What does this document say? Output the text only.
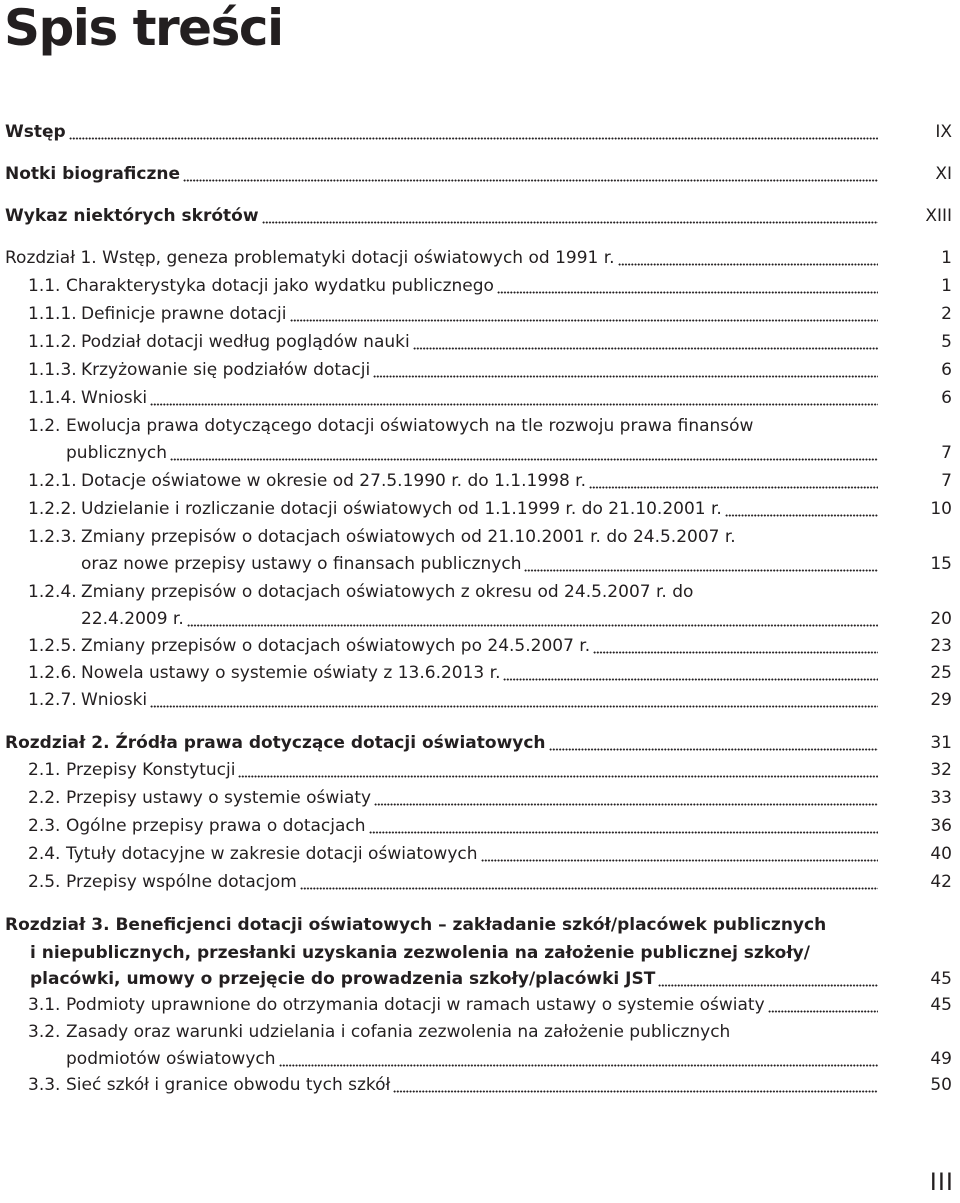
Spis treści
IX
Wstęp
XI
Notki biograficzne
XIII
Wykaz niektórych skrótów
1
Rozdział 1. Wstęp, geneza problematyki dotacji oświatowych od 1991 r.
1
1.1. Charakterystyka dotacji jako wydatku publicznego
2
1.1.1. Definicje prawne dotacji
5
1.1.2. Podział dotacji według poglądów nauki
6
1.1.3. Krzyżowanie się podziałów dotacji
6
1.1.4. Wnioski
1.2. Ewolucja prawa dotyczącego dotacji oświatowych na tle rozwoju prawa finansów
7
publicznych
7
1.2.1. Dotacje oświatowe w okresie od 27.5.1990 r. do 1.1.1998 r.
10
1.2.2. Udzielanie i rozliczanie dotacji oświatowych od 1.1.1999 r. do 21.10.2001 r.
1.2.3. Zmiany przepisów o dotacjach oświatowych od 21.10.2001 r. do 24.5.2007 r.
15
oraz nowe przepisy ustawy o finansach publicznych
1.2.4. Zmiany przepisów o dotacjach oświatowych z okresu od 24.5.2007 r. do
20
22.4.2009 r.
23
1.2.5. Zmiany przepisów o dotacjach oświatowych po 24.5.2007 r.
25
1.2.6. Nowela ustawy o systemie oświaty z 13.6.2013 r.
29
1.2.7. Wnioski
31
Rozdział 2. Źródła prawa dotyczące dotacji oświatowych
32
2.1. Przepisy Konstytucji
33
2.2. Przepisy ustawy o systemie oświaty
36
2.3. Ogólne przepisy prawa o dotacjach
40
2.4. Tytuły dotacyjne w zakresie dotacji oświatowych
42
2.5. Przepisy wspólne dotacjom
Rozdział 3. Beneficjenci dotacji oświatowych – zakładanie szkół/placówek publicznych
i niepublicznych, przesłanki uzyskania zezwolenia na założenie publicznej szkoły/
45
placówki, umowy o przejęcie do prowadzenia szkoły/placówki JST
45
3.1. Podmioty uprawnione do otrzymania dotacji w ramach ustawy o systemie oświaty
3.2. Zasady oraz warunki udzielania i cofania zezwolenia na założenie publicznych
49
podmiotów oświatowych
50
3.3. Sieć szkół i granice obwodu tych szkół
III
